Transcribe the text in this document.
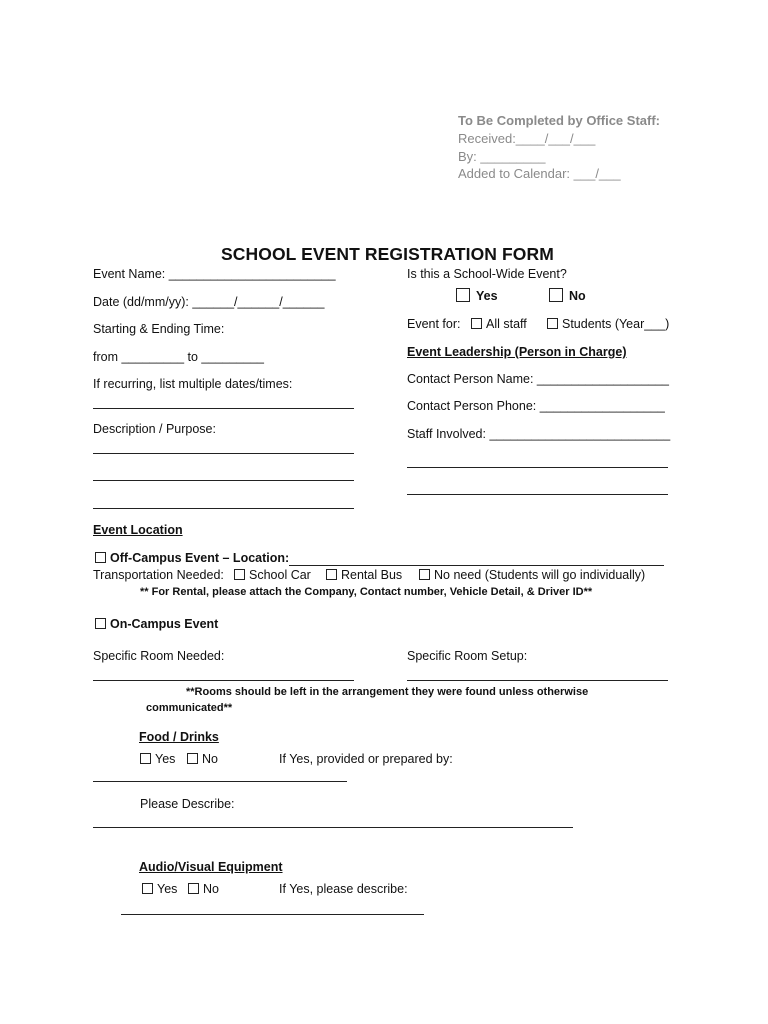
To Be Completed by Office Staff:
Received:____/___/___
By: _________
Added to Calendar: ___/___
SCHOOL EVENT REGISTRATION FORM
Event Name: ________________________
Date (dd/mm/yy): ______/______/______
Starting & Ending Time:
from _________ to _________
If recurring, list multiple dates/times:
Description / Purpose:
Is this a School-Wide Event?
Yes	No
Event for:	All staff	Students (Year___)
Event Leadership (Person in Charge)
Contact Person Name: ___________________
Contact Person Phone: __________________
Staff Involved: __________________________
Event Location
Off-Campus Event – Location:
Transportation Needed:	School Car	Rental Bus	No need (Students will go individually)
** For Rental, please attach the Company, Contact number, Vehicle Detail, & Driver ID**
On-Campus Event
Specific Room Needed:	Specific Room Setup:
**Rooms should be left in the arrangement they were found unless otherwise
communicated**
Food / Drinks
Yes	No	If Yes, provided or prepared by:
Please Describe:
Audio/Visual Equipment
Yes	No	If Yes, please describe:
